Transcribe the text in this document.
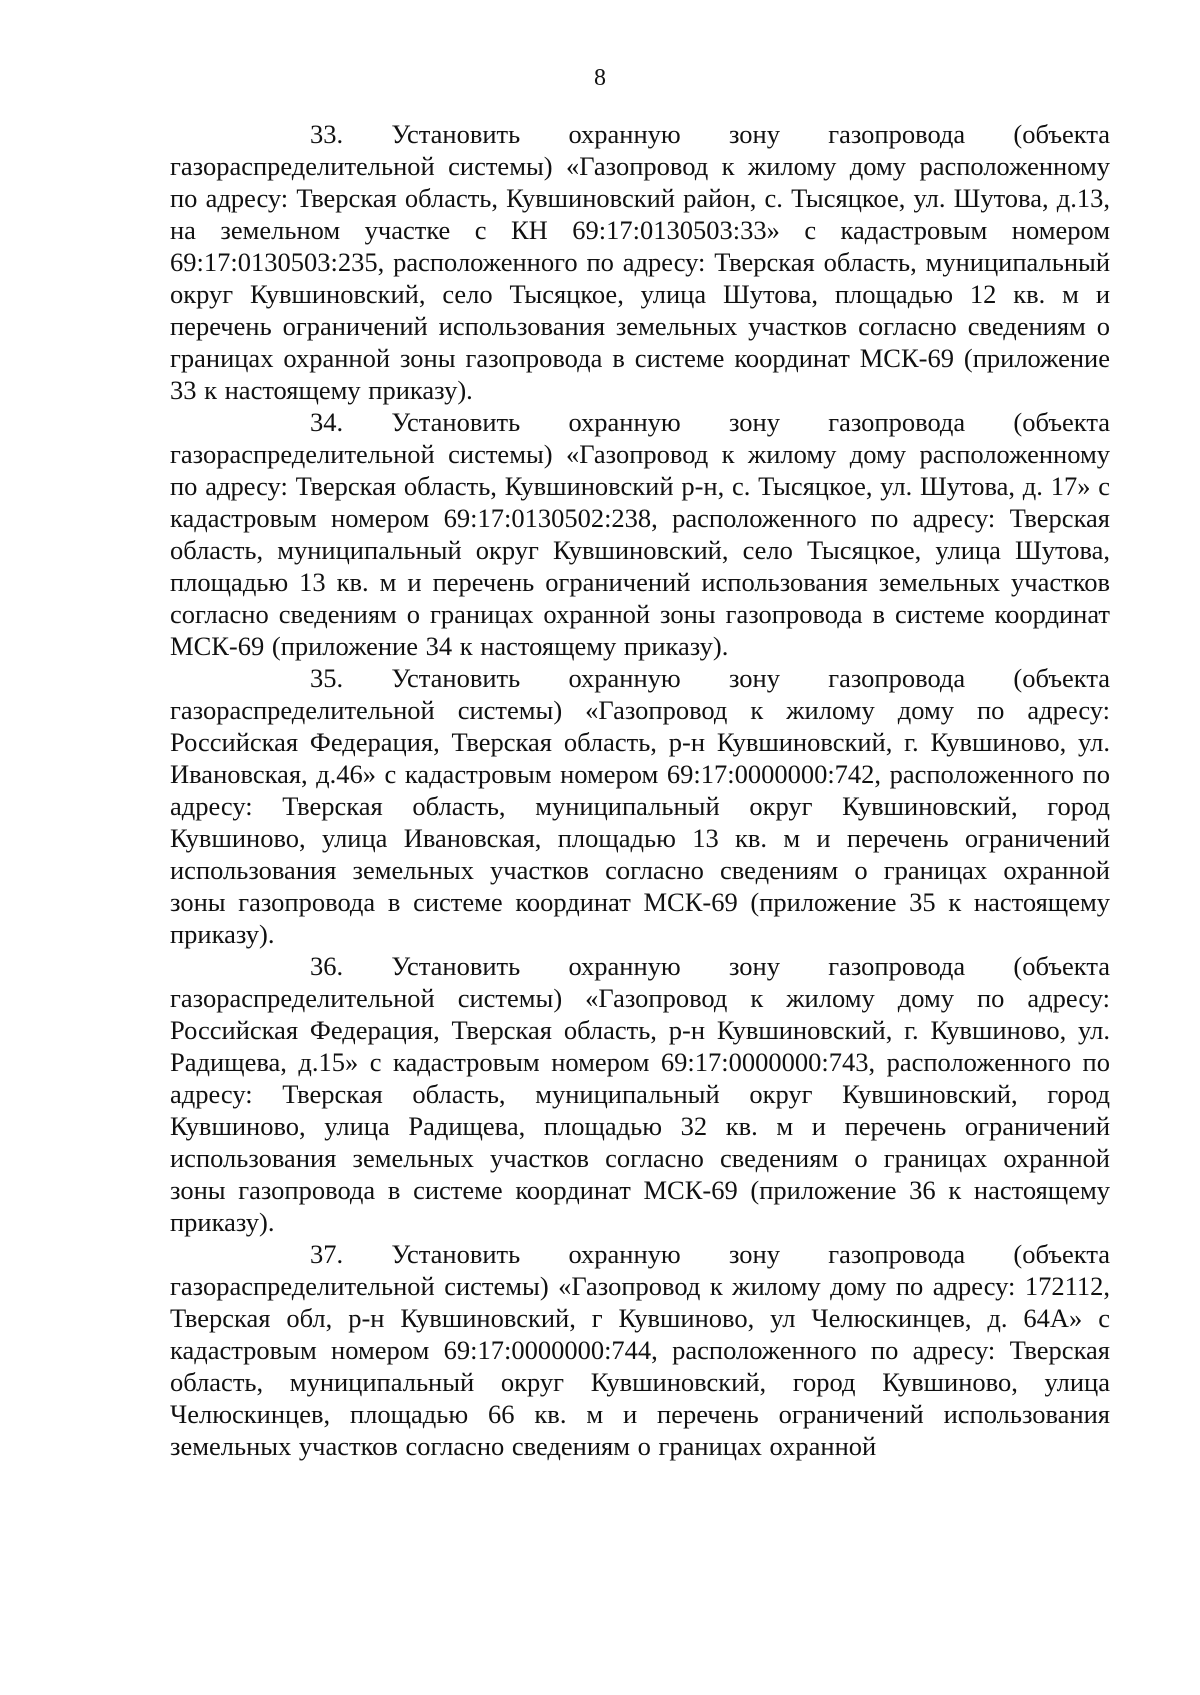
8

33. Установить охранную зону газопровода (объекта газораспределительной системы) «Газопровод к жилому дому расположенному по адресу: Тверская область, Кувшиновский район, с. Тысяцкое, ул. Шутова, д.13, на земельном участке с КН 69:17:0130503:33» с кадастровым номером 69:17:0130503:235, расположенного по адресу: Тверская область, муниципальный округ Кувшиновский, село Тысяцкое, улица Шутова, площадью 12 кв. м и перечень ограничений использования земельных участков согласно сведениям о границах охранной зоны газопровода в системе координат МСК-69 (приложение 33 к настоящему приказу).

34. Установить охранную зону газопровода (объекта газораспределительной системы) «Газопровод к жилому дому расположенному по адресу: Тверская область, Кувшиновский р-н, с. Тысяцкое, ул. Шутова, д. 17» с кадастровым номером 69:17:0130502:238, расположенного по адресу: Тверская область, муниципальный округ Кувшиновский, село Тысяцкое, улица Шутова, площадью 13 кв. м и перечень ограничений использования земельных участков согласно сведениям о границах охранной зоны газопровода в системе координат МСК-69 (приложение 34 к настоящему приказу).

35. Установить охранную зону газопровода (объекта газораспределительной системы) «Газопровод к жилому дому по адресу: Российская Федерация, Тверская область, р-н Кувшиновский, г. Кувшиново, ул. Ивановская, д.46» с кадастровым номером 69:17:0000000:742, расположенного по адресу: Тверская область, муниципальный округ Кувшиновский, город Кувшиново, улица Ивановская, площадью 13 кв. м и перечень ограничений использования земельных участков согласно сведениям о границах охранной зоны газопровода в системе координат МСК-69 (приложение 35 к настоящему приказу).

36. Установить охранную зону газопровода (объекта газораспределительной системы) «Газопровод к жилому дому по адресу: Российская Федерация, Тверская область, р-н Кувшиновский, г. Кувшиново, ул. Радищева, д.15» с кадастровым номером 69:17:0000000:743, расположенного по адресу: Тверская область, муниципальный округ Кувшиновский, город Кувшиново, улица Радищева, площадью 32 кв. м и перечень ограничений использования земельных участков согласно сведениям о границах охранной зоны газопровода в системе координат МСК-69 (приложение 36 к настоящему приказу).

37. Установить охранную зону газопровода (объекта газораспределительной системы) «Газопровод к жилому дому по адресу: 172112, Тверская обл, р-н Кувшиновский, г Кувшиново, ул Челюскинцев, д. 64А» с кадастровым номером 69:17:0000000:744, расположенного по адресу: Тверская область, муниципальный округ Кувшиновский, город Кувшиново, улица Челюскинцев, площадью 66 кв. м и перечень ограничений использования земельных участков согласно сведениям о границах охранной
